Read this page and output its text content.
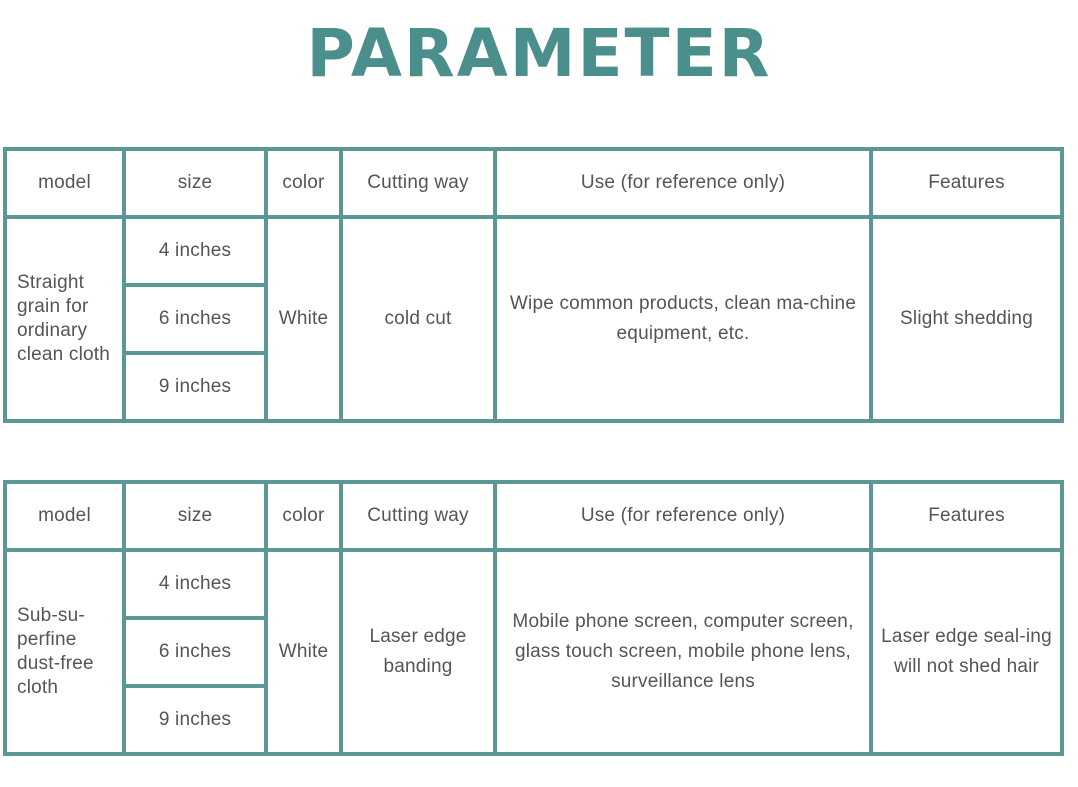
PARAMETER
model	size	color	Cutting way	Use (for reference only)	Features
Straight grain for ordinary clean cloth	4 inches	White	cold cut	Wipe common products, clean ma-chine equipment, etc.	Slight shedding
	6 inches				
	9 inches				
model	size	color	Cutting way	Use (for reference only)	Features
Sub-su-perfine dust-free cloth	4 inches	White	Laser edge banding	Mobile phone screen, computer screen, glass touch screen, mobile phone lens, surveillance lens	Laser edge seal-ing will not shed hair
	6 inches				
	9 inches				
